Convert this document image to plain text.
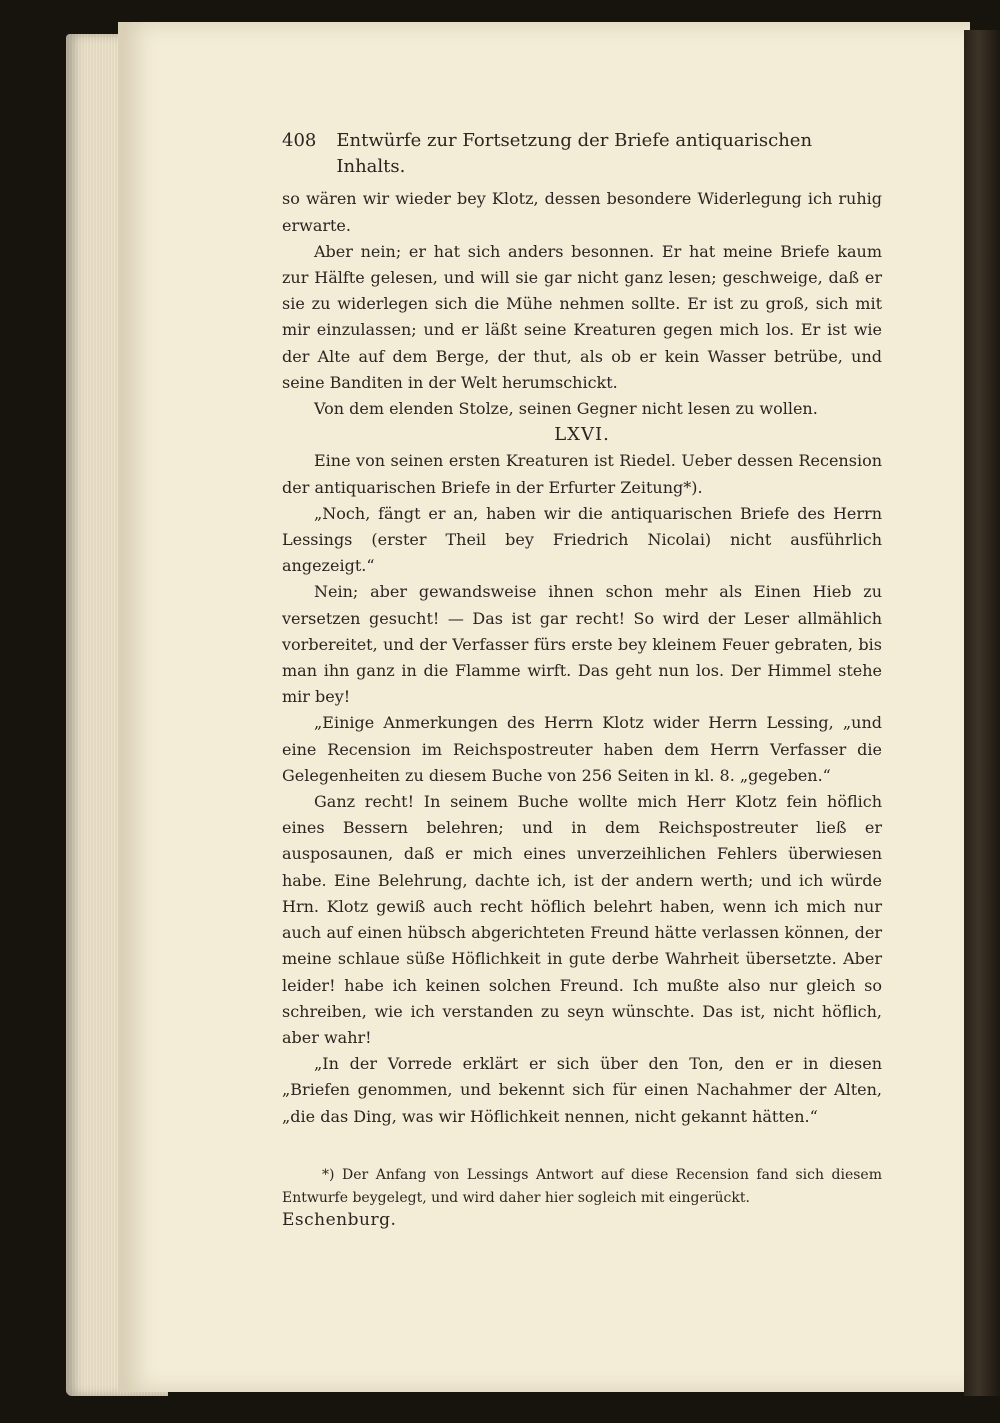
408 Entwürfe zur Fortsetzung der Briefe antiquarischen Inhalts.

so wären wir wieder bey Klotz, dessen besondere Widerlegung ich ruhig erwarte.

Aber nein; er hat sich anders besonnen. Er hat meine Briefe kaum zur Hälfte gelesen, und will sie gar nicht ganz lesen; geschweige, daß er sie zu widerlegen sich die Mühe nehmen sollte. Er ist zu groß, sich mit mir einzulassen; und er läßt seine Kreaturen gegen mich los. Er ist wie der Alte auf dem Berge, der thut, als ob er kein Wasser betrübe, und seine Banditen in der Welt herumschickt.

Von dem elenden Stolze, seinen Gegner nicht lesen zu wollen.

LXVI.

Eine von seinen ersten Kreaturen ist Riedel. Ueber dessen Recension der antiquarischen Briefe in der Erfurter Zeitung*).

„Noch, fängt er an, haben wir die antiquarischen Briefe des Herrn Lessings (erster Theil bey Friedrich Nicolai) nicht ausführlich angezeigt.“

Nein; aber gewandsweise ihnen schon mehr als Einen Hieb zu versetzen gesucht! — Das ist gar recht! So wird der Leser allmählich vorbereitet, und der Verfasser fürs erste bey kleinem Feuer gebraten, bis man ihn ganz in die Flamme wirft. Das geht nun los. Der Himmel stehe mir bey!

„Einige Anmerkungen des Herrn Klotz wider Herrn Lessing, „und eine Recension im Reichspostreuter haben dem Herrn Verfasser die Gelegenheiten zu diesem Buche von 256 Seiten in kl. 8. „gegeben.“

Ganz recht! In seinem Buche wollte mich Herr Klotz fein höflich eines Bessern belehren; und in dem Reichspostreuter ließ er ausposaunen, daß er mich eines unverzeihlichen Fehlers überwiesen habe. Eine Belehrung, dachte ich, ist der andern werth; und ich würde Hrn. Klotz gewiß auch recht höflich belehrt haben, wenn ich mich nur auch auf einen hübsch abgerichteten Freund hätte verlassen können, der meine schlaue süße Höflichkeit in gute derbe Wahrheit übersetzte. Aber leider! habe ich keinen solchen Freund. Ich mußte also nur gleich so schreiben, wie ich verstanden zu seyn wünschte. Das ist, nicht höflich, aber wahr!

„In der Vorrede erklärt er sich über den Ton, den er in diesen „Briefen genommen, und bekennt sich für einen Nachahmer der Alten, „die das Ding, was wir Höflichkeit nennen, nicht gekannt hätten.“

*) Der Anfang von Lessings Antwort auf diese Recension fand sich diesem Entwurfe beygelegt, und wird daher hier sogleich mit eingerückt.

Eschenburg.
